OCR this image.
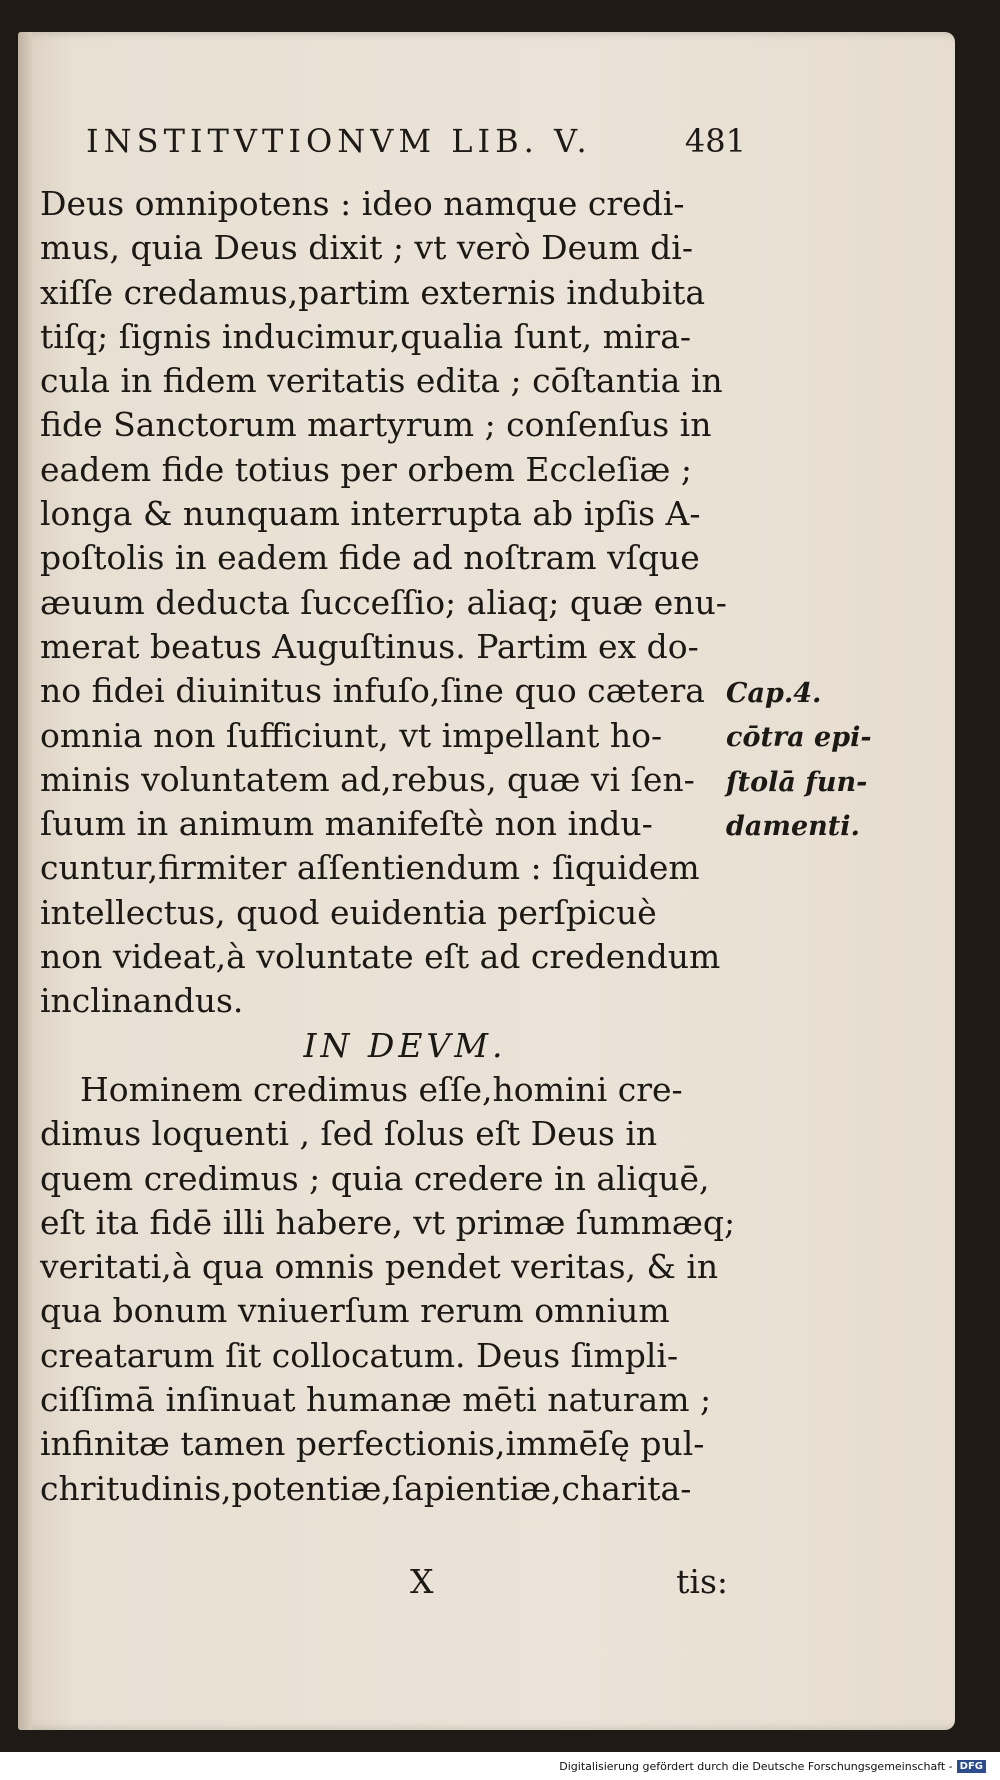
INSTITVTIONVM LIB. V.	481
Deus omnipotens : ideo namque credi-
mus, quia Deus dixit ; vt verò Deum di-
xiſſe credamus,partim externis indubita
tiſq; ſignis inducimur,qualia ſunt, mira-
cula in fidem veritatis edita ; cōſtantia in
fide Sanctorum martyrum ; conſenſus in
eadem fide totius per orbem Eccleſiæ ;
longa & nunquam interrupta ab ipſis A-
poſtolis in eadem fide ad noſtram vſque
æuum deducta ſucceſſio; aliaq; quæ enu-
merat beatus Auguſtinus. Partim ex do-
no fidei diuinitus infuſo,ſine quo cætera
omnia non ſufficiunt, vt impellant ho-
minis voluntatem ad,rebus, quæ vi ſen-
ſuum in animum manifeſtè non indu-
cuntur,firmiter aſſentiendum : ſiquidem
intellectus, quod euidentia perſpicuè
non videat,à voluntate eſt ad credendum
inclinandus.
IN DEVM.
Hominem credimus eſſe,homini cre-
dimus loquenti , ſed ſolus eſt Deus in
quem credimus ; quia credere in aliquē,
eſt ita fidē illi habere, vt primæ ſummæq;
veritati,à qua omnis pendet veritas, & in
qua bonum vniuerſum rerum omnium
creatarum ſit collocatum. Deus ſimpli-
ciſſimā inſinuat humanæ mēti naturam ;
infinitæ tamen perfectionis,immēſę pul-
chritudinis,potentiæ,ſapientiæ,charita-
Cap.4.
cōtra epi-
ſtolā fun-
damenti.
X	tis:
Digitalisierung gefördert durch die Deutsche Forschungsgemeinschaft - DFG
